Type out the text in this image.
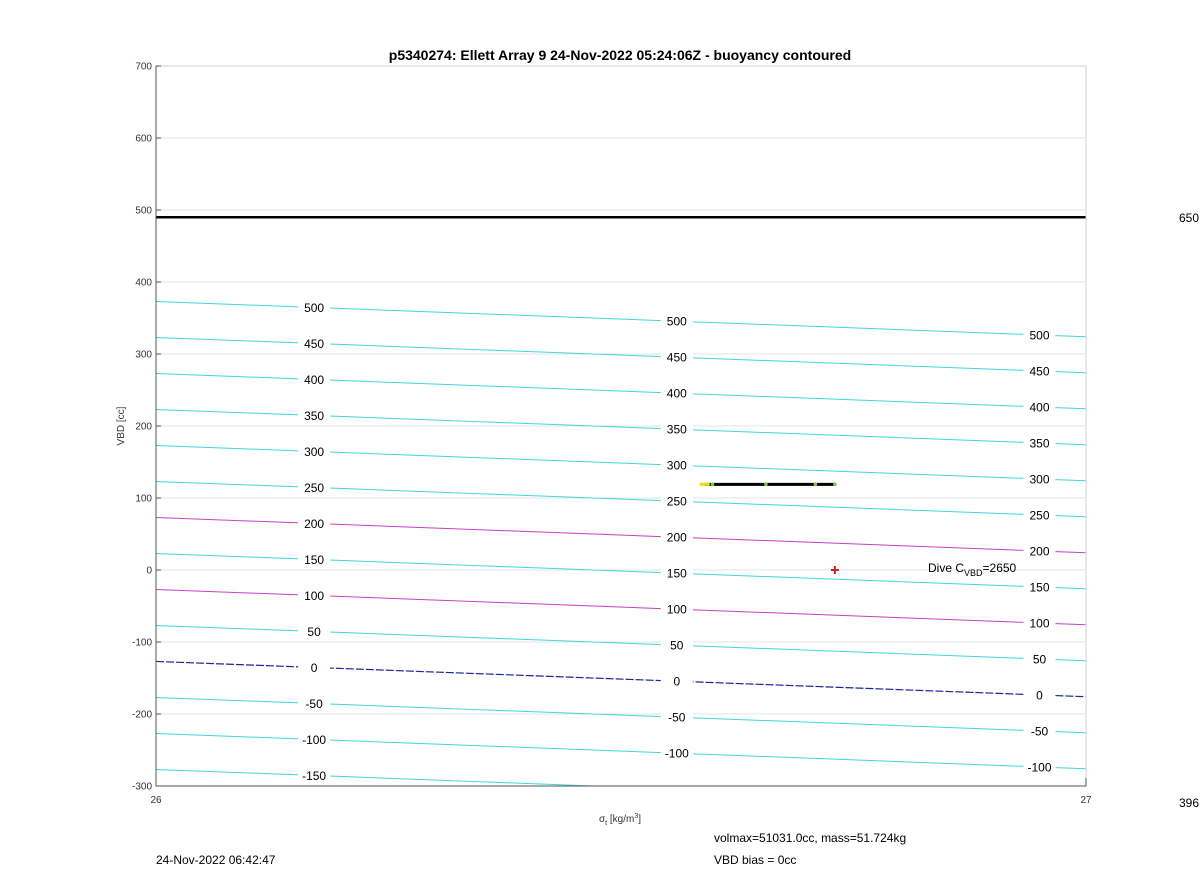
p5340274: Ellett Array 9 24-Nov-2022 05:24:06Z - buoyancy contoured
-150
-100
-100
-100
-50
-50
-50
0
0
0
50
50
50
100
100
100
150
150
150
200
200
200
250
250
250
300
300
300
350
350
350
400
400
400
450
450
450
500
500
500
Dive $C_{VBD}=2650$
700
600
500
400
300
200
100
0
-100
-200
-300
26	27
VBD [cc]
$\sigma_t$ $[kg/m^3]$
650
396
volmax=51031.0cc, mass=51.724kg
24-Nov-2022 06:42:47	VBD bias = 0cc
